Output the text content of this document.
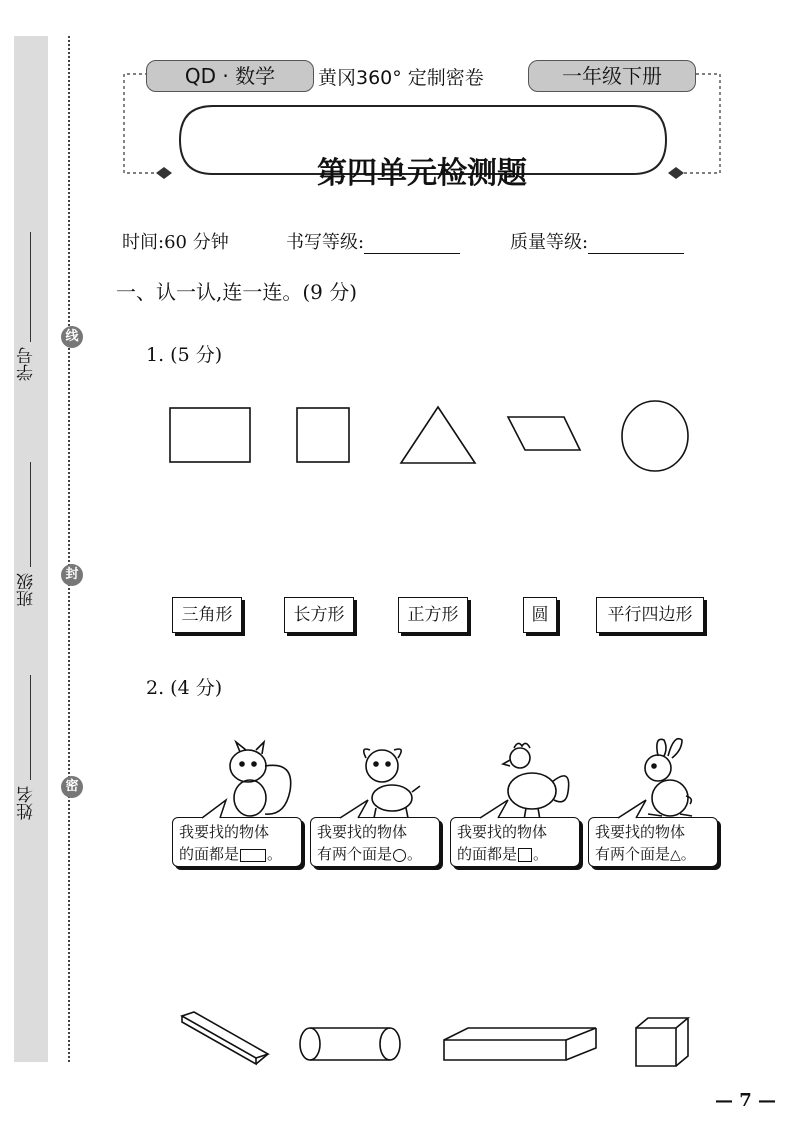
学号
班级
姓名
线
封
密
QD · 数学	黄冈360° 定制密卷	一年级下册
第四单元检测题
时间:60 分钟	书写等级:	质量等级:
一、认一认,连一连。(9 分)
1. (5 分)
三角形	长方形	正方形	圆	平行四边形
2. (4 分)
我要找的物体
的面都是 。
我要找的物体
有两个面是 。
我要找的物体
的面都是 。
我要找的物体
有两个面是△。
— 7 —
